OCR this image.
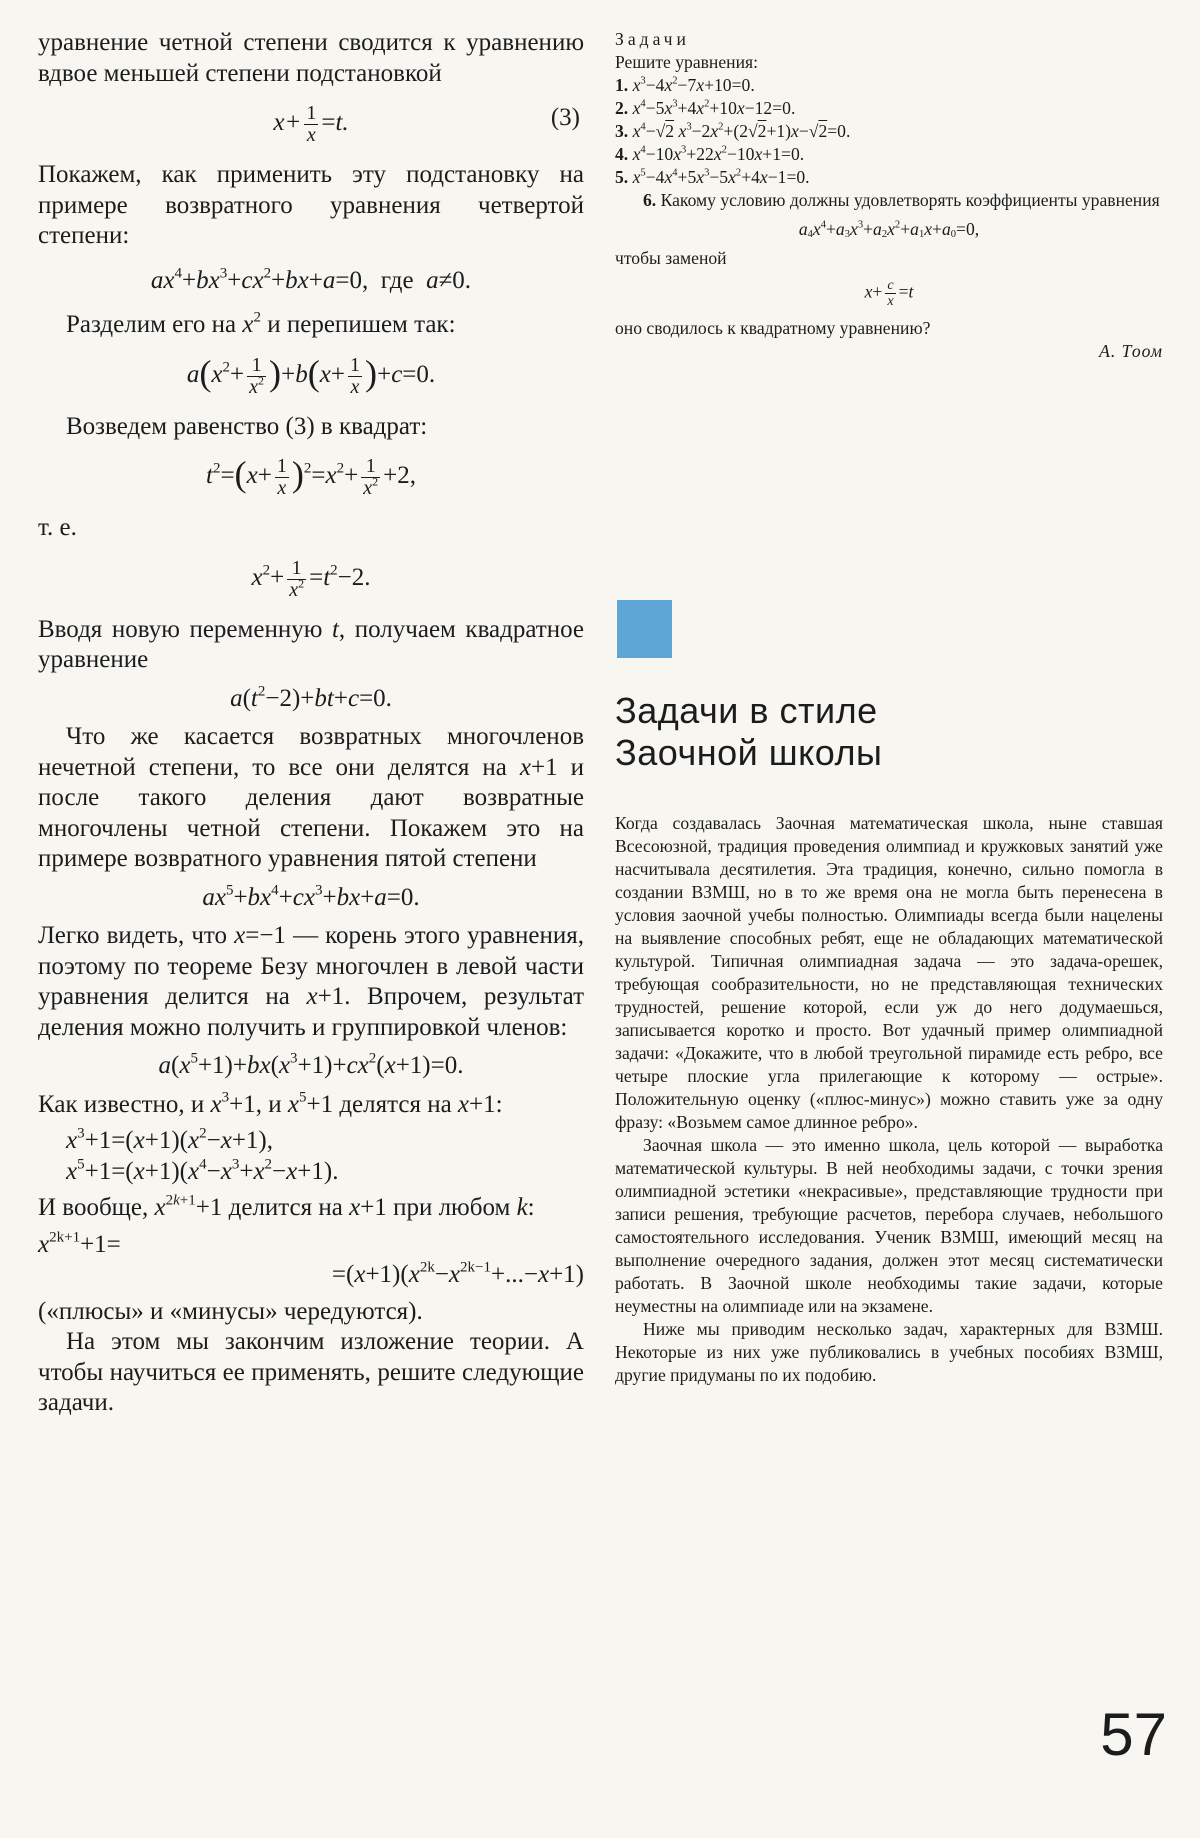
уравнение четной степени сводится к уравнению вдвое меньшей степени подстановкой

$x+ \frac{1}{x} =t$.	(3)

Покажем, как применить эту подстановку на примере возвратного уравнения четвертой степени:

$ax^4+bx^3+cx^2+bx+a=0$,  где a≠0.

Разделим его на $x^2$ и перепишем так:

$a(x^2+ \frac{1}{x^2} )+b(x+ \frac{1}{x} )+c=0$.

Возведем равенство (3) в квадрат:

$t^2=(x+ \frac{1}{x} )^2=x^2+ \frac{1}{x^2} +2$,

т. е.

$x^2+ \frac{1}{x^2} =t^2-2$.

Вводя новую переменную t, получаем квадратное уравнение

$a(t^2-2)+bt+c=0$.

Что же касается возвратных многочленов нечетной степени, то все они делятся на x+1 и после такого деления дают возвратные многочлены четной степени. Покажем это на примере возвратного уравнения пятой степени

$ax^5+bx^4+cx^3+bx+a=0$.

Легко видеть, что x=−1 — корень этого уравнения, поэтому по теореме Безу многочлен в левой части уравнения делится на x+1. Впрочем, результат деления можно получить и группировкой членов:

$a(x^5+1)+bx(x^3+1)+cx^2(x+1)=0$.

Как известно, и $x^3+1$, и $x^5+1$ делятся на x+1:

$x^3+1=(x+1)(x^2-x+1)$,
$x^5+1=(x+1)(x^4-x^3+x^2-x+1)$.

И вообще, $x^{2k+1}+1$ делится на x+1 при любом k:

$x^{2k+1}+1=$
$=(x+1)(x^{2k}-x^{2k-1}+...-x+1)$

(«плюсы» и «минусы» чередуются).

На этом мы закончим изложение теории. А чтобы научиться ее применять, решите следующие задачи.

Задачи
Решите уравнения:
1. $x^3-4x^2-7x+10=0$.
2. $x^4-5x^3+4x^2+10x-12=0$.
3. $x^4-√2$ $x^3-2x^2+(2√2+1)x-√2=0$.
4. $x^4-10x^3+22x^2-10x+1=0$.
5. $x^5-4x^4+5x^3-5x^2+4x-1=0$.

6. Какому условию должны удовлетворять коэффициенты уравнения

$a_4x^4+a_3x^3+a_2x^2+a_1x+a_0=0$,

чтобы заменой

$x+ \frac{c}{x} =t$

оно сводилось к квадратному уравнению?

А. Тоом
Задачи в стиле
Заочной школы

Когда создавалась Заочная математическая школа, ныне ставшая Всесоюзной, традиция проведения олимпиад и кружковых занятий уже насчитывала десятилетия. Эта традиция, конечно, сильно помогла в создании ВЗМШ, но в то же время она не могла быть перенесена в условия заочной учебы полностью. Олимпиады всегда были нацелены на выявление способных ребят, еще не обладающих математической культурой. Типичная олимпиадная задача — это задача-орешек, требующая сообразительности, но не представляющая технических трудностей, решение которой, если уж до него додумаешься, записывается коротко и просто. Вот удачный пример олимпиадной задачи: «Докажите, что в любой треугольной пирамиде есть ребро, все четыре плоские угла прилегающие к которому — острые». Положительную оценку («плюс-минус») можно ставить уже за одну фразу: «Возьмем самое длинное ребро».

Заочная школа — это именно школа, цель которой — выработка математической культуры. В ней необходимы задачи, с точки зрения олимпиадной эстетики «некрасивые», представляющие трудности при записи решения, требующие расчетов, перебора случаев, небольшого самостоятельного исследования. Ученик ВЗМШ, имеющий месяц на выполнение очередного задания, должен этот месяц систематически работать. В Заочной школе необходимы такие задачи, которые неуместны на олимпиаде или на экзамене.

Ниже мы приводим несколько задач, характерных для ВЗМШ. Некоторые из них уже публиковались в учебных пособиях ВЗМШ, другие придуманы по их подобию.

57
